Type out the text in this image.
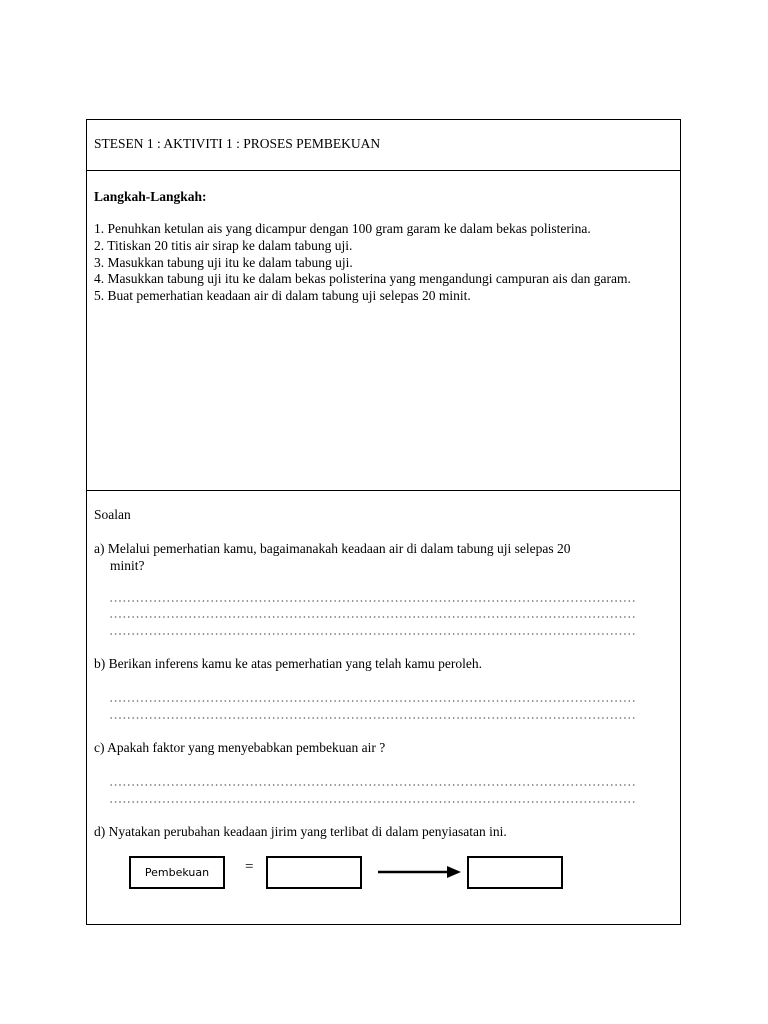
STESEN 1 : AKTIVITI 1 : PROSES PEMBEKUAN
Langkah-Langkah:
1. Penuhkan ketulan ais yang dicampur dengan 100 gram garam ke dalam bekas polisterina.
2. Titiskan 20 titis air sirap ke dalam tabung uji.
3. Masukkan tabung uji itu ke dalam tabung uji.
4. Masukkan tabung uji itu ke dalam bekas polisterina yang mengandungi campuran ais dan garam.
5. Buat pemerhatian keadaan air di dalam tabung uji selepas 20 minit.
Soalan
a) Melalui pemerhatian kamu, bagaimanakah keadaan air di dalam tabung uji selepas 20
minit?
b) Berikan inferens kamu ke atas pemerhatian yang telah kamu peroleh.
c) Apakah faktor yang menyebabkan pembekuan air ?
d) Nyatakan perubahan keadaan jirim yang terlibat di dalam penyiasatan ini.
Pembekuan	=
